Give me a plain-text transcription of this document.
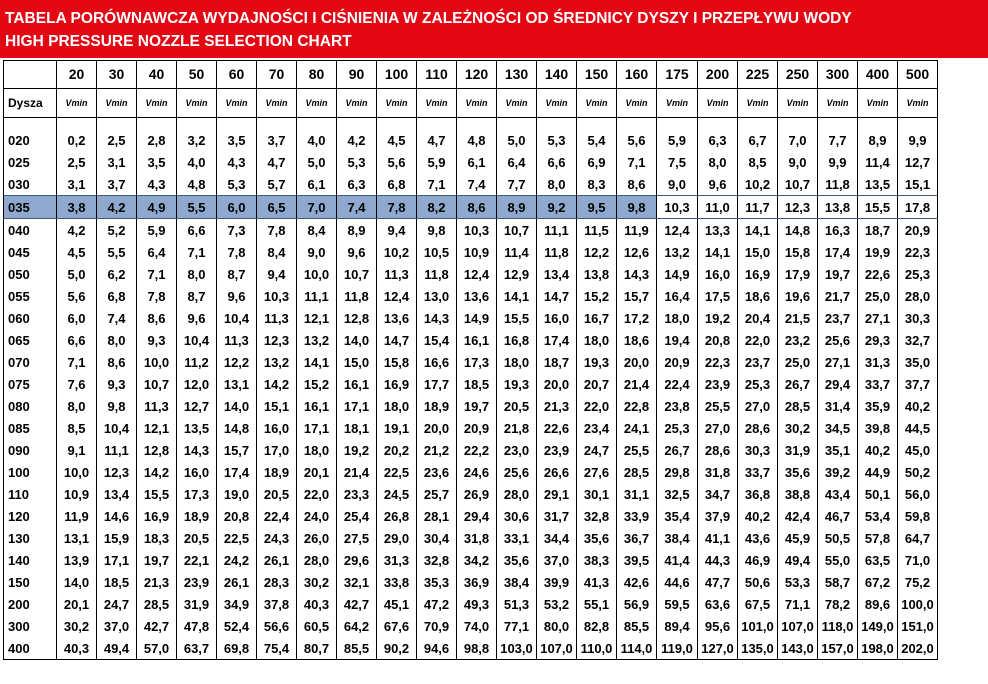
TABELA PORÓWNAWCZA WYDAJNOŚCI I CIŚNIENIA W ZALEŻNOŚCI OD ŚREDNICY DYSZY I PRZEPŁYWU WODY
HIGH PRESSURE NOZZLE SELECTION CHART
	20	30	40	50	60	70	80	90	100	110	120	130	140	150	160	175	200	225	250	300	400	500
Dysza	Vmin	Vmin	Vmin	Vmin	Vmin	Vmin	Vmin	Vmin	Vmin	Vmin	Vmin	Vmin	Vmin	Vmin	Vmin	Vmin	Vmin	Vmin	Vmin	Vmin	Vmin	Vmin

020	0,2	2,5	2,8	3,2	3,5	3,7	4,0	4,2	4,5	4,7	4,8	5,0	5,3	5,4	5,6	5,9	6,3	6,7	7,0	7,7	8,9	9,9
025	2,5	3,1	3,5	4,0	4,3	4,7	5,0	5,3	5,6	5,9	6,1	6,4	6,6	6,9	7,1	7,5	8,0	8,5	9,0	9,9	11,4	12,7
030	3,1	3,7	4,3	4,8	5,3	5,7	6,1	6,3	6,8	7,1	7,4	7,7	8,0	8,3	8,6	9,0	9,6	10,2	10,7	11,8	13,5	15,1
035	3,8	4,2	4,9	5,5	6,0	6,5	7,0	7,4	7,8	8,2	8,6	8,9	9,2	9,5	9,8	10,3	11,0	11,7	12,3	13,8	15,5	17,8
040	4,2	5,2	5,9	6,6	7,3	7,8	8,4	8,9	9,4	9,8	10,3	10,7	11,1	11,5	11,9	12,4	13,3	14,1	14,8	16,3	18,7	20,9
045	4,5	5,5	6,4	7,1	7,8	8,4	9,0	9,6	10,2	10,5	10,9	11,4	11,8	12,2	12,6	13,2	14,1	15,0	15,8	17,4	19,9	22,3
050	5,0	6,2	7,1	8,0	8,7	9,4	10,0	10,7	11,3	11,8	12,4	12,9	13,4	13,8	14,3	14,9	16,0	16,9	17,9	19,7	22,6	25,3
055	5,6	6,8	7,8	8,7	9,6	10,3	11,1	11,8	12,4	13,0	13,6	14,1	14,7	15,2	15,7	16,4	17,5	18,6	19,6	21,7	25,0	28,0
060	6,0	7,4	8,6	9,6	10,4	11,3	12,1	12,8	13,6	14,3	14,9	15,5	16,0	16,7	17,2	18,0	19,2	20,4	21,5	23,7	27,1	30,3
065	6,6	8,0	9,3	10,4	11,3	12,3	13,2	14,0	14,7	15,4	16,1	16,8	17,4	18,0	18,6	19,4	20,8	22,0	23,2	25,6	29,3	32,7
070	7,1	8,6	10,0	11,2	12,2	13,2	14,1	15,0	15,8	16,6	17,3	18,0	18,7	19,3	20,0	20,9	22,3	23,7	25,0	27,1	31,3	35,0
075	7,6	9,3	10,7	12,0	13,1	14,2	15,2	16,1	16,9	17,7	18,5	19,3	20,0	20,7	21,4	22,4	23,9	25,3	26,7	29,4	33,7	37,7
080	8,0	9,8	11,3	12,7	14,0	15,1	16,1	17,1	18,0	18,9	19,7	20,5	21,3	22,0	22,8	23,8	25,5	27,0	28,5	31,4	35,9	40,2
085	8,5	10,4	12,1	13,5	14,8	16,0	17,1	18,1	19,1	20,0	20,9	21,8	22,6	23,4	24,1	25,3	27,0	28,6	30,2	34,5	39,8	44,5
090	9,1	11,1	12,8	14,3	15,7	17,0	18,0	19,2	20,2	21,2	22,2	23,0	23,9	24,7	25,5	26,7	28,6	30,3	31,9	35,1	40,2	45,0
100	10,0	12,3	14,2	16,0	17,4	18,9	20,1	21,4	22,5	23,6	24,6	25,6	26,6	27,6	28,5	29,8	31,8	33,7	35,6	39,2	44,9	50,2
110	10,9	13,4	15,5	17,3	19,0	20,5	22,0	23,3	24,5	25,7	26,9	28,0	29,1	30,1	31,1	32,5	34,7	36,8	38,8	43,4	50,1	56,0
120	11,9	14,6	16,9	18,9	20,8	22,4	24,0	25,4	26,8	28,1	29,4	30,6	31,7	32,8	33,9	35,4	37,9	40,2	42,4	46,7	53,4	59,8
130	13,1	15,9	18,3	20,5	22,5	24,3	26,0	27,5	29,0	30,4	31,8	33,1	34,4	35,6	36,7	38,4	41,1	43,6	45,9	50,5	57,8	64,7
140	13,9	17,1	19,7	22,1	24,2	26,1	28,0	29,6	31,3	32,8	34,2	35,6	37,0	38,3	39,5	41,4	44,3	46,9	49,4	55,0	63,5	71,0
150	14,0	18,5	21,3	23,9	26,1	28,3	30,2	32,1	33,8	35,3	36,9	38,4	39,9	41,3	42,6	44,6	47,7	50,6	53,3	58,7	67,2	75,2
200	20,1	24,7	28,5	31,9	34,9	37,8	40,3	42,7	45,1	47,2	49,3	51,3	53,2	55,1	56,9	59,5	63,6	67,5	71,1	78,2	89,6	100,0
300	30,2	37,0	42,7	47,8	52,4	56,6	60,5	64,2	67,6	70,9	74,0	77,1	80,0	82,8	85,5	89,4	95,6	101,0	107,0	118,0	149,0	151,0
400	40,3	49,4	57,0	63,7	69,8	75,4	80,7	85,5	90,2	94,6	98,8	103,0	107,0	110,0	114,0	119,0	127,0	135,0	143,0	157,0	198,0	202,0
